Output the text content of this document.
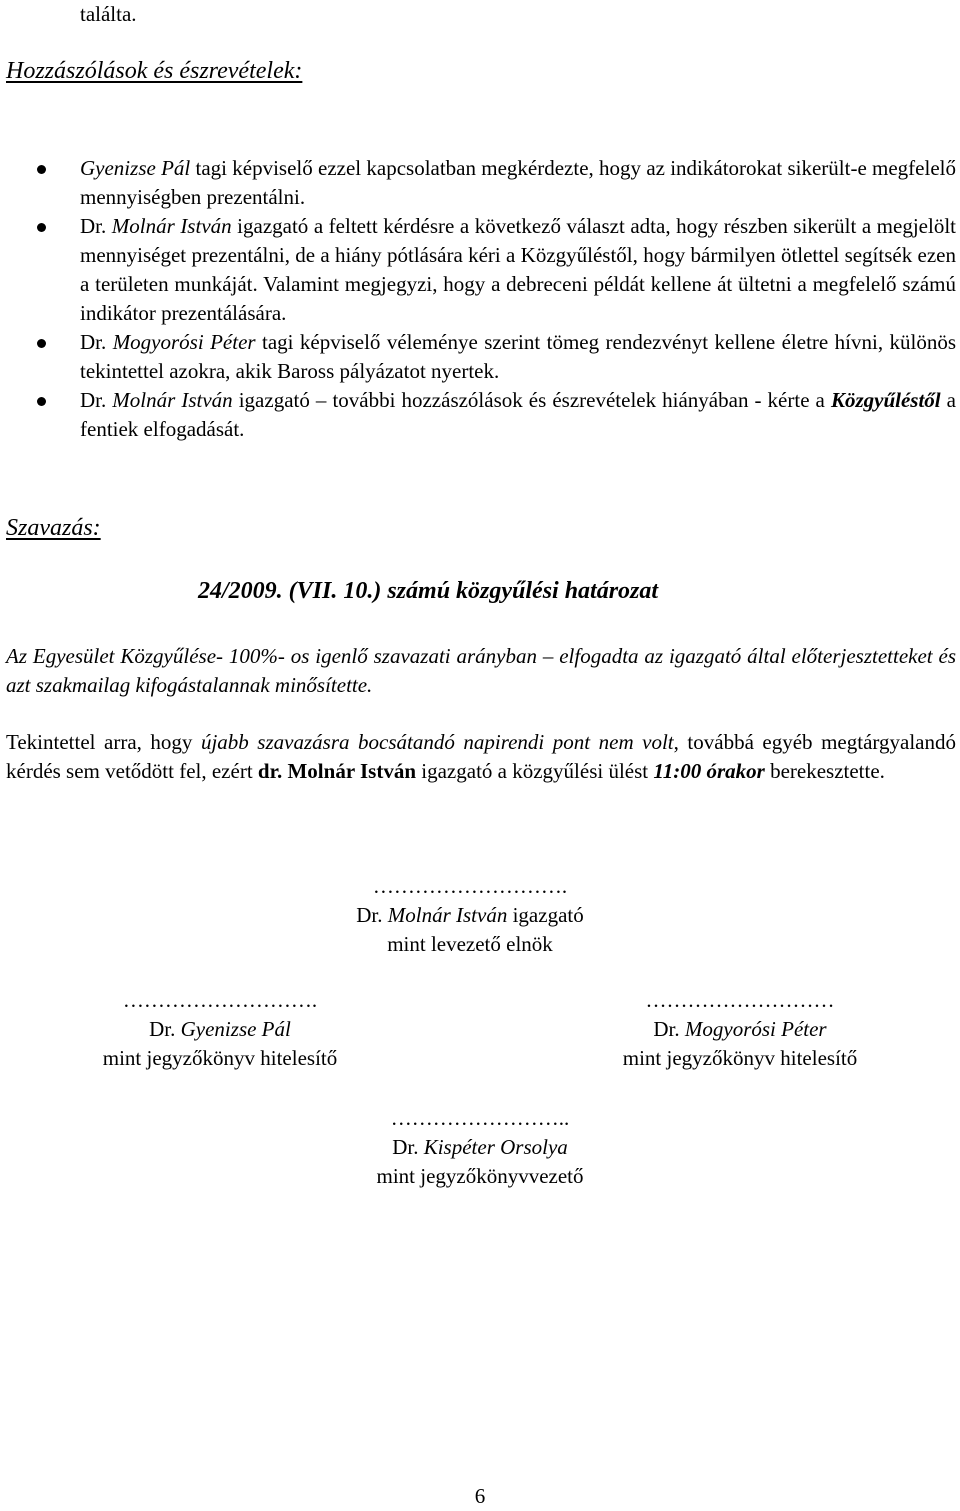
találta.
Hozzászólások és észrevételek:
Gyenizse Pál tagi képviselő ezzel kapcsolatban megkérdezte, hogy az indikátorokat sikerült-e megfelelő mennyiségben prezentálni.
Dr. Molnár István igazgató a feltett kérdésre a következő választ adta, hogy részben sikerült a megjelölt mennyiséget prezentálni, de a hiány pótlására kéri a Közgyűléstől, hogy bármilyen ötlettel segítsék ezen a területen munkáját. Valamint megjegyzi, hogy a debreceni példát kellene át ültetni a megfelelő számú indikátor prezentálására.
Dr. Mogyorósi Péter tagi képviselő véleménye szerint tömeg rendezvényt kellene életre hívni, különös tekintettel azokra, akik Baross pályázatot nyertek.
Dr. Molnár István igazgató – további hozzászólások és észrevételek hiányában - kérte a Közgyűléstől a fentiek elfogadását.
Szavazás:
24/2009. (VII. 10.) számú közgyűlési határozat
Az Egyesület Közgyűlése- 100%- os igenlő szavazati arányban – elfogadta az igazgató által előterjesztetteket és azt szakmailag kifogástalannak minősítette.
Tekintettel arra, hogy újabb szavazásra bocsátandó napirendi pont nem volt, továbbá egyéb megtárgyalandó kérdés sem vetődött fel, ezért dr. Molnár István igazgató a közgyűlési ülést 11:00 órakor berekesztette.
……………………….
Dr. Molnár István igazgató
mint levezető elnök
……………………….
Dr. Gyenizse Pál
mint jegyzőkönyv hitelesítő
………………………
Dr. Mogyorósi Péter
mint jegyzőkönyv hitelesítő
……………………..
Dr. Kispéter Orsolya
mint jegyzőkönyvvezető
6
